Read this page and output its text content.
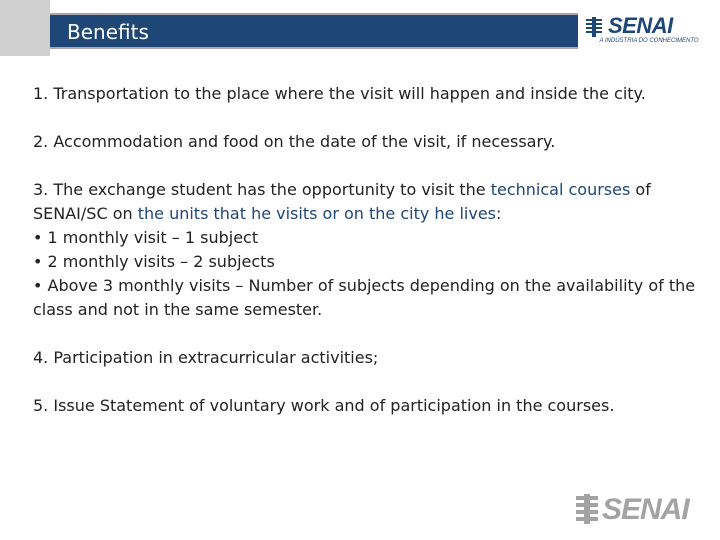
Benefits	SENAI
A INDÚSTRIA DO CONHECIMENTO

1. Transportation to the place where the visit will happen and inside the city.

2. Accommodation and food on the date of the visit, if necessary.

3. The exchange student has the opportunity to visit the technical courses of SENAI/SC on the units that he visits or on the city he lives:
• 1 monthly visit – 1 subject
• 2 monthly visits – 2 subjects
• Above 3 monthly visits – Number of subjects depending on the availability of the class and not in the same semester.

4. Participation in extracurricular activities;

5. Issue Statement of voluntary work and of participation in the courses.

SENAI
